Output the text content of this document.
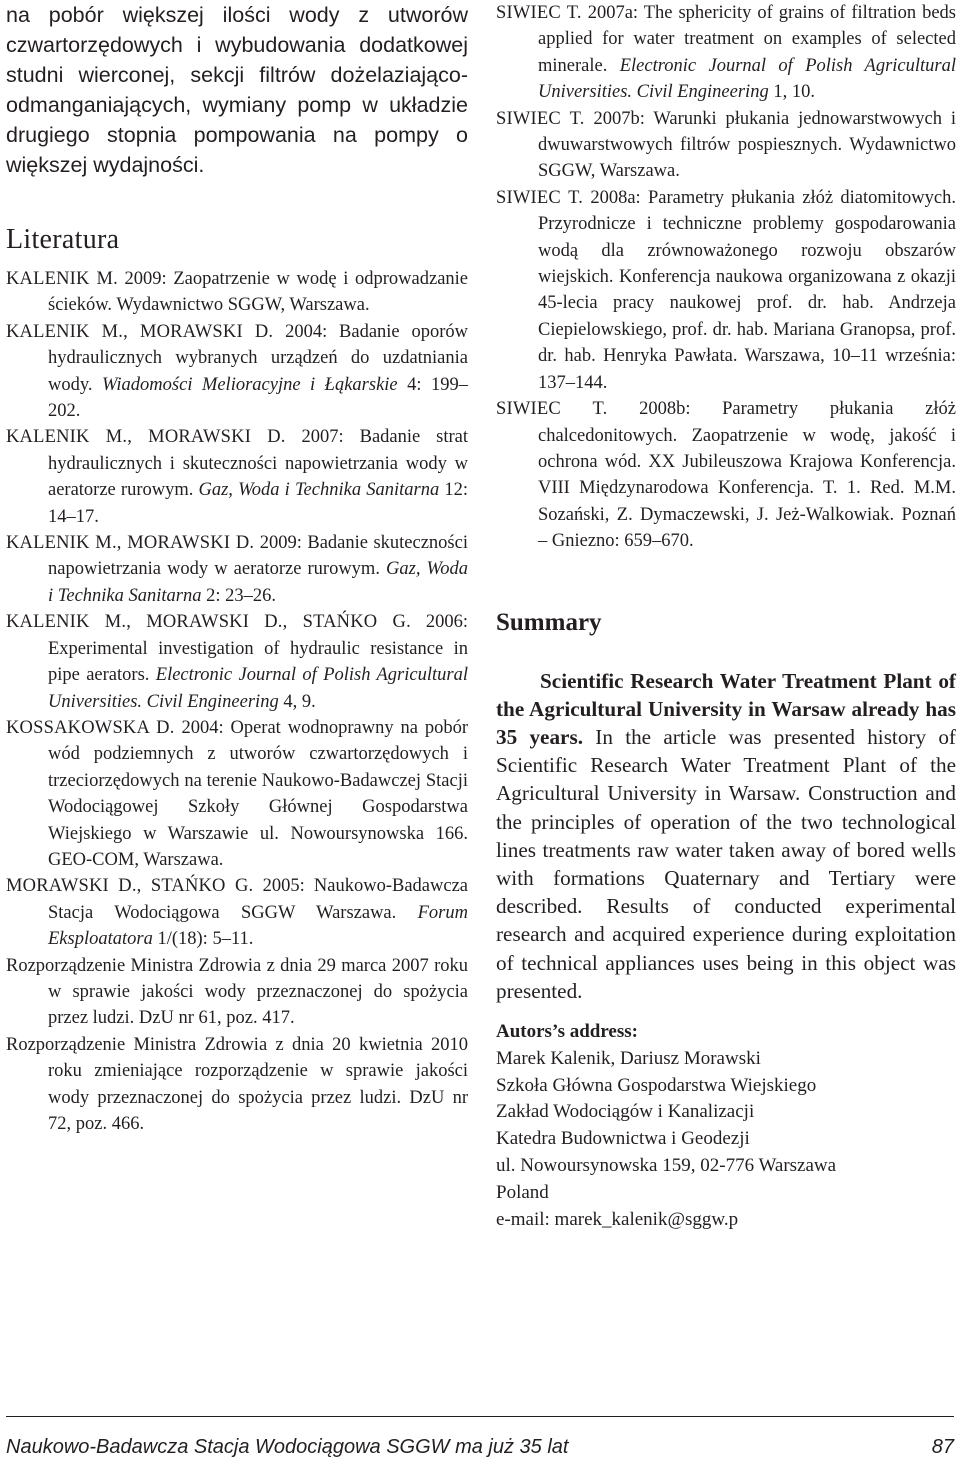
na pobór większej ilości wody z utworów czwartorzędowych i wybudowania dodatkowej studni wierconej, sekcji filtrów dożelaziająco-odmanganiających, wymiany pomp w układzie drugiego stopnia pompowania na pompy o większej wydajności.

Literatura

KALENIK M. 2009: Zaopatrzenie w wodę i odprowadzanie ścieków. Wydawnictwo SGGW, Warszawa.

KALENIK M., MORAWSKI D. 2004: Badanie oporów hydraulicznych wybranych urządzeń do uzdatniania wody. Wiadomości Melioracyjne i Łąkarskie 4: 199–202.

KALENIK M., MORAWSKI D. 2007: Badanie strat hydraulicznych i skuteczności napowietrzania wody w aeratorze rurowym. Gaz, Woda i Technika Sanitarna 12: 14–17.

KALENIK M., MORAWSKI D. 2009: Badanie skuteczności napowietrzania wody w aeratorze rurowym. Gaz, Woda i Technika Sanitarna 2: 23–26.

KALENIK M., MORAWSKI D., STAŃKO G. 2006: Experimental investigation of hydraulic resistance in pipe aerators. Electronic Journal of Polish Agricultural Universities. Civil Engineering 4, 9.

KOSSAKOWSKA D. 2004: Operat wodnoprawny na pobór wód podziemnych z utworów czwartorzędowych i trzeciorzędowych na terenie Naukowo-Badawczej Stacji Wodociągowej Szkoły Głównej Gospodarstwa Wiejskiego w Warszawie ul. Nowoursynowska 166. GEO-COM, Warszawa.

MORAWSKI D., STAŃKO G. 2005: Naukowo-Badawcza Stacja Wodociągowa SGGW Warszawa. Forum Eksploatatora 1/(18): 5–11.

Rozporządzenie Ministra Zdrowia z dnia 29 marca 2007 roku w sprawie jakości wody przeznaczonej do spożycia przez ludzi. DzU nr 61, poz. 417.

Rozporządzenie Ministra Zdrowia z dnia 20 kwietnia 2010 roku zmieniające rozporządzenie w sprawie jakości wody przeznaczonej do spożycia przez ludzi. DzU nr 72, poz. 466.

SIWIEC T. 2007a: The sphericity of grains of filtration beds applied for water treatment on examples of selected minerale. Electronic Journal of Polish Agricultural Universities. Civil Engineering 1, 10.

SIWIEC T. 2007b: Warunki płukania jednowarstwowych i dwuwarstwowych filtrów pospiesznych. Wydawnictwo SGGW, Warszawa.

SIWIEC T. 2008a: Parametry płukania złóż diatomitowych. Przyrodnicze i techniczne problemy gospodarowania wodą dla zrównoważonego rozwoju obszarów wiejskich. Konferencja naukowa organizowana z okazji 45-lecia pracy naukowej prof. dr. hab. Andrzeja Ciepielowskiego, prof. dr. hab. Mariana Granopsa, prof. dr. hab. Henryka Pawłata. Warszawa, 10–11 września: 137–144.

SIWIEC T. 2008b: Parametry płukania złóż chalcedonitowych. Zaopatrzenie w wodę, jakość i ochrona wód. XX Jubileuszowa Krajowa Konferencja. VIII Międzynarodowa Konferencja. T. 1. Red. M.M. Sozański, Z. Dymaczewski, J. Jeż-Walkowiak. Poznań – Gniezno: 659–670.

Summary

Scientific Research Water Treatment Plant of the Agricultural University in Warsaw already has 35 years. In the article was presented history of Scientific Research Water Treatment Plant of the Agricultural University in Warsaw. Construction and the principles of operation of the two technological lines treatments raw water taken away of bored wells with formations Quaternary and Tertiary were described. Results of conducted experimental research and acquired experience during exploitation of technical appliances uses being in this object was presented.

Autors’s address:
Marek Kalenik, Dariusz Morawski
Szkoła Główna Gospodarstwa Wiejskiego
Zakład Wodociągów i Kanalizacji
Katedra Budownictwa i Geodezji
ul. Nowoursynowska 159, 02-776 Warszawa
Poland
e-mail: marek_kalenik@sggw.p
Naukowo-Badawcza Stacja Wodociągowa SGGW ma już 35 lat	87
